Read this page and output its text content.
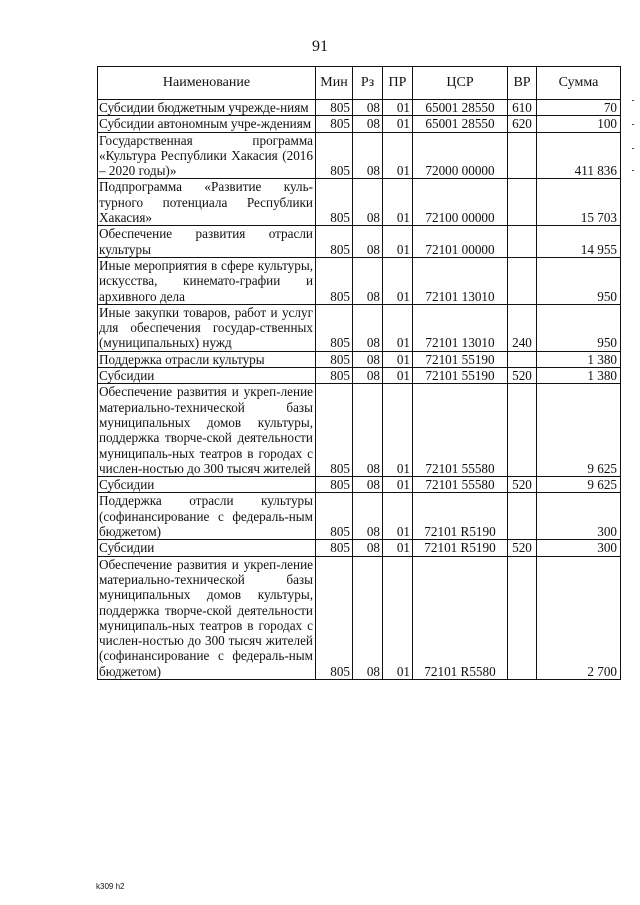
91
Наименование	Мин	Рз	ПР	ЦСР	ВР	Сумма
Субсидии бюджетным учрежде-ниям	805	08	01	65001 28550	610	70
Субсидии автономным учре-ждениям	805	08	01	65001 28550	620	100
Государственная программа «Культура Республики Хакасия (2016 – 2020 годы)»	805	08	01	72000 00000		411 836
Подпрограмма «Развитие куль-турного потенциала Республики Хакасия»	805	08	01	72100 00000		15 703
Обеспечение развития отрасли культуры	805	08	01	72101 00000		14 955
Иные мероприятия в сфере культуры, искусства, кинемато-графии и архивного дела	805	08	01	72101 13010		950
Иные закупки товаров, работ и услуг для обеспечения государ-ственных (муниципальных) нужд	805	08	01	72101 13010	240	950
Поддержка отрасли культуры	805	08	01	72101 55190		1 380
Субсидии	805	08	01	72101 55190	520	1 380
Обеспечение развития и укреп-ление материально-технической базы муниципальных домов культуры, поддержка творче-ской деятельности муниципаль-ных театров в городах с числен-ностью до 300 тысяч жителей	805	08	01	72101 55580		9 625
Субсидии	805	08	01	72101 55580	520	9 625
Поддержка отрасли культуры (софинансирование с федераль-ным бюджетом)	805	08	01	72101 R5190		300
Субсидии	805	08	01	72101 R5190	520	300
Обеспечение развития и укреп-ление материально-технической базы муниципальных домов культуры, поддержка творче-ской деятельности муниципаль-ных театров в городах с числен-ностью до 300 тысяч жителей (софинансирование с федераль-ным бюджетом)	805	08	01	72101 R5580		2 700
k309 h2
